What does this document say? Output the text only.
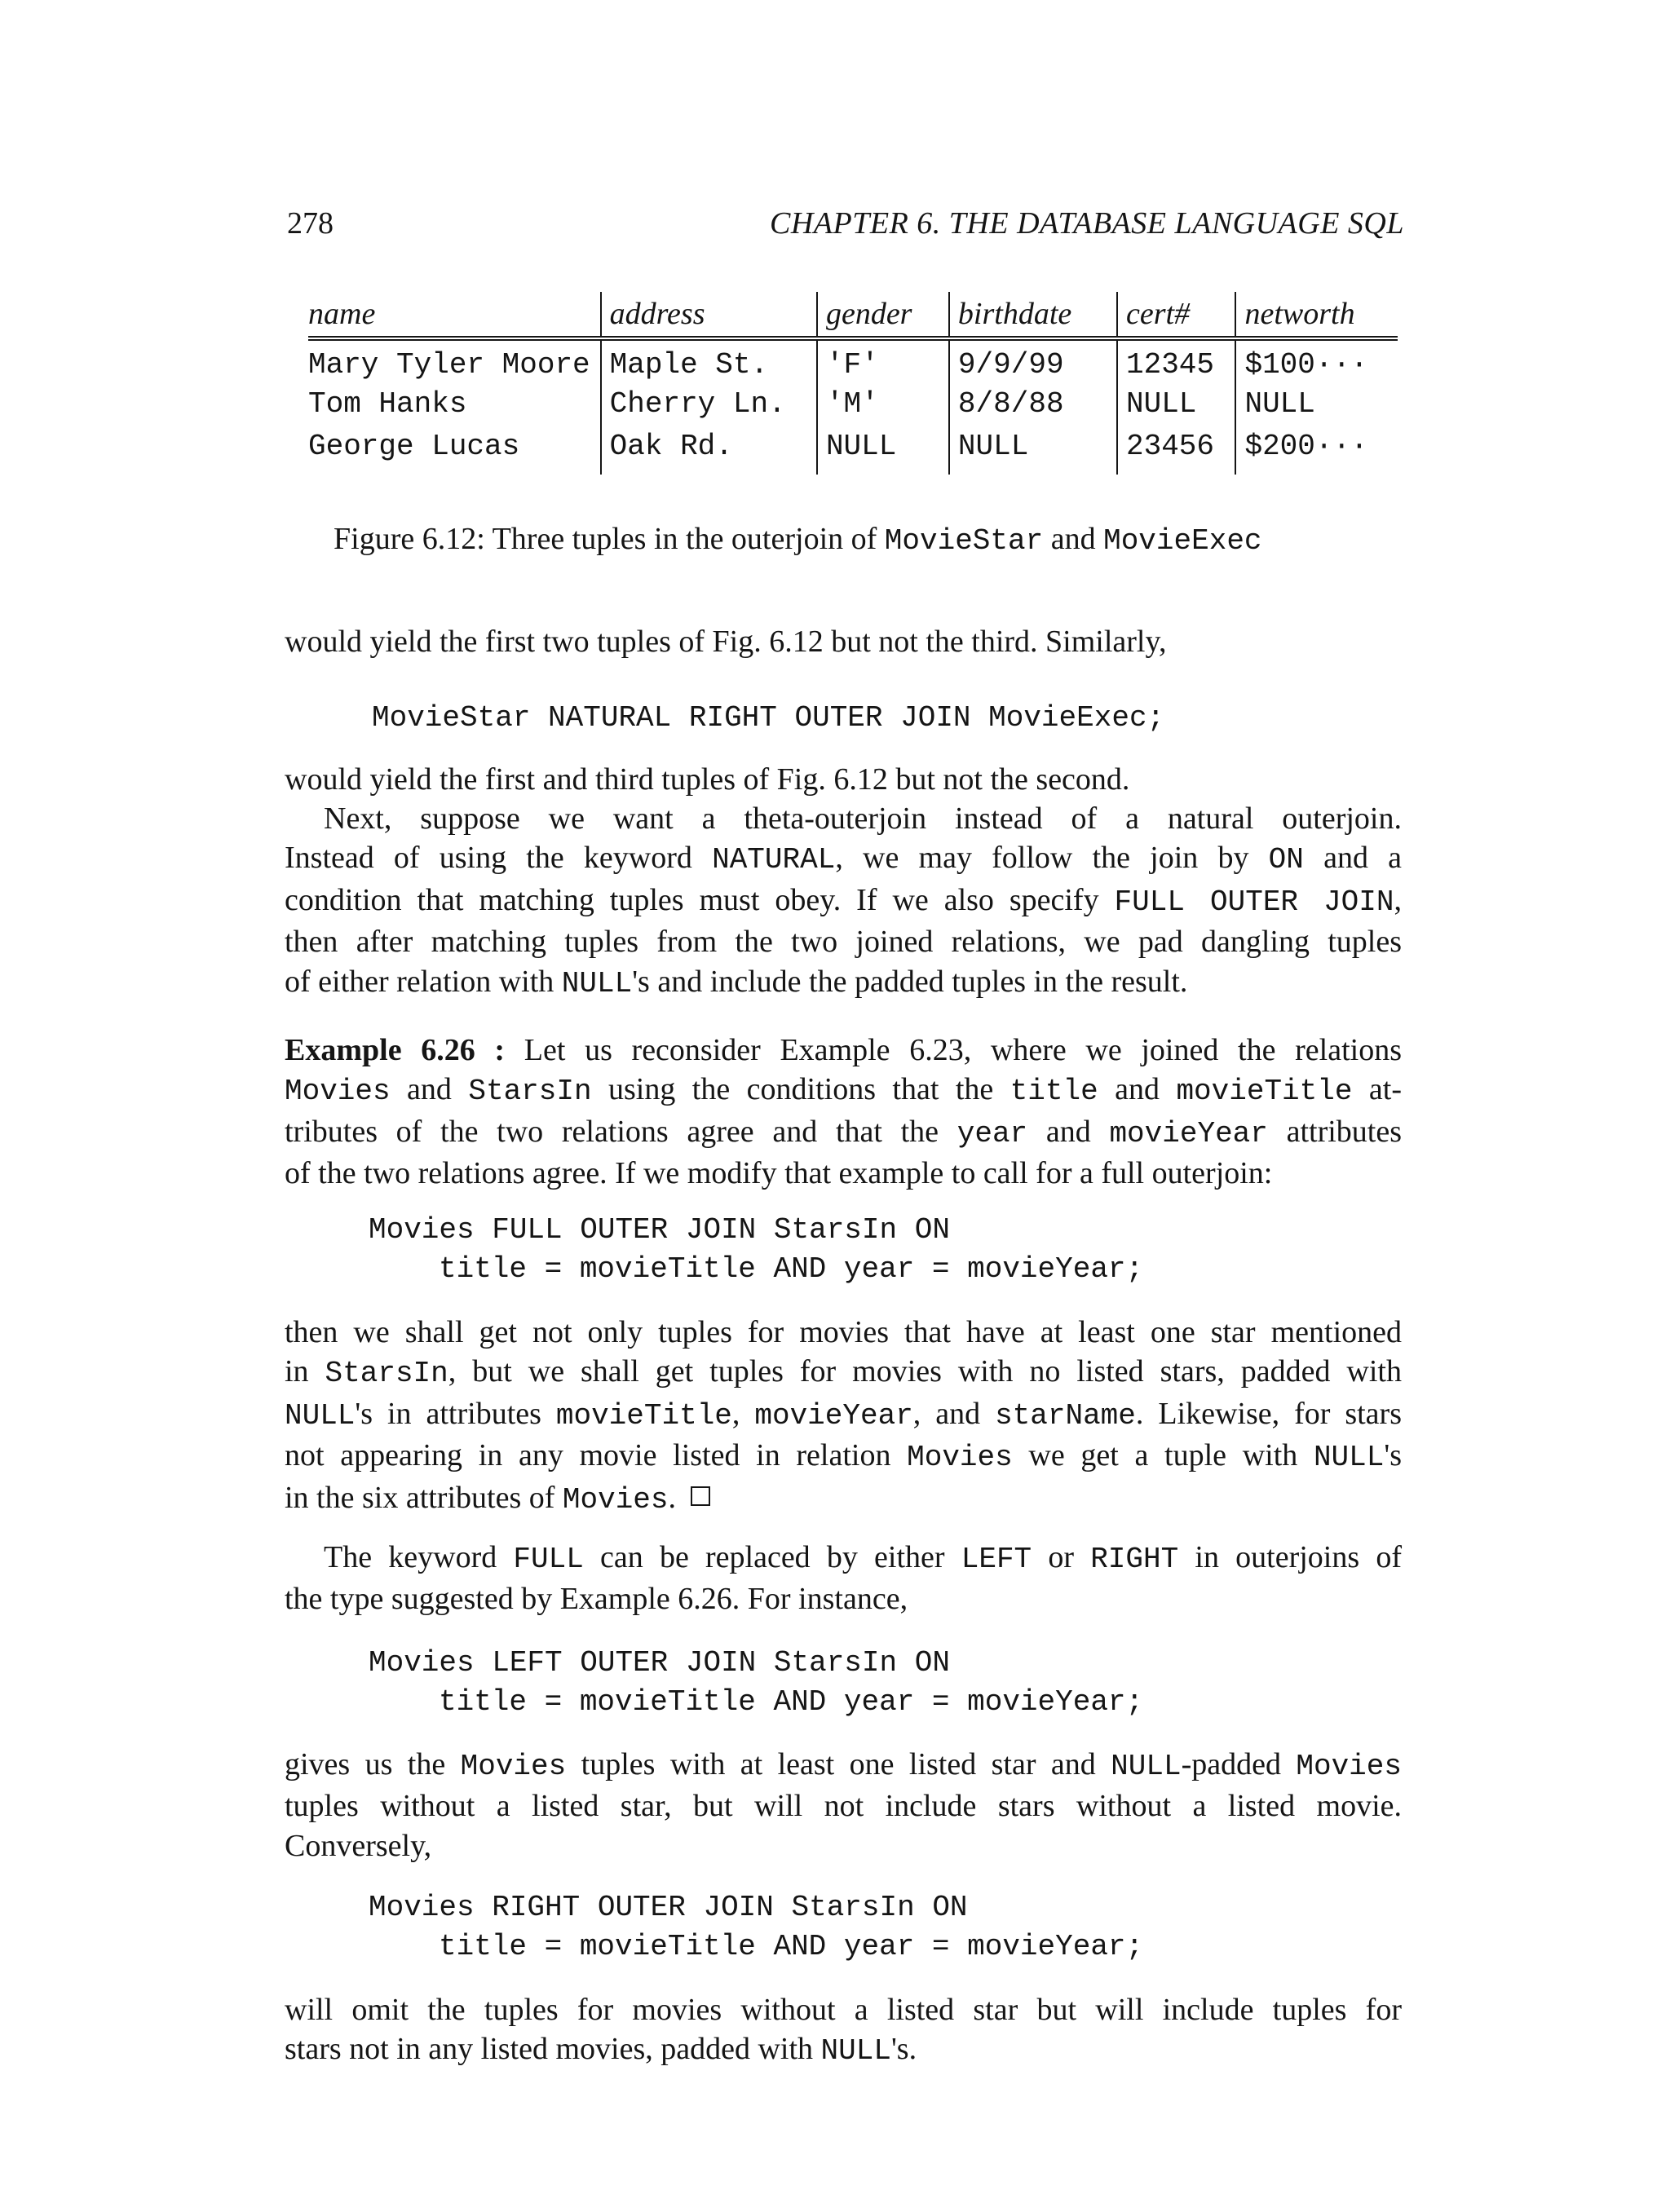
278	CHAPTER 6. THE DATABASE LANGUAGE SQL
name	address	gender	birthdate	cert#	networth
Mary Tyler Moore	Maple St.	'F'	9/9/99	12345	$100···
Tom Hanks	Cherry Ln.	'M'	8/8/88	NULL	NULL
George Lucas	Oak Rd.	NULL	NULL	23456	$200···
Figure 6.12: Three tuples in the outerjoin of MovieStar and MovieExec
would yield the first two tuples of Fig. 6.12 but not the third. Similarly,
MovieStar NATURAL RIGHT OUTER JOIN MovieExec;
would yield the first and third tuples of Fig. 6.12 but not the second.
Next, suppose we want a theta-outerjoin instead of a natural outerjoin.
Instead of using the keyword NATURAL, we may follow the join by ON and a
condition that matching tuples must obey. If we also specify FULL OUTER JOIN,
then after matching tuples from the two joined relations, we pad dangling tuples
of either relation with NULL's and include the padded tuples in the result.
Example 6.26 : Let us reconsider Example 6.23, where we joined the relations
Movies and StarsIn using the conditions that the title and movieTitle at-
tributes of the two relations agree and that the year and movieYear attributes
of the two relations agree. If we modify that example to call for a full outerjoin:
Movies FULL OUTER JOIN StarsIn ON
title = movieTitle AND year = movieYear;
then we shall get not only tuples for movies that have at least one star mentioned
in StarsIn, but we shall get tuples for movies with no listed stars, padded with
NULL's in attributes movieTitle, movieYear, and starName. Likewise, for stars
not appearing in any movie listed in relation Movies we get a tuple with NULL's
in the six attributes of Movies.
The keyword FULL can be replaced by either LEFT or RIGHT in outerjoins of
the type suggested by Example 6.26. For instance,
Movies LEFT OUTER JOIN StarsIn ON
title = movieTitle AND year = movieYear;
gives us the Movies tuples with at least one listed star and NULL-padded Movies
tuples without a listed star, but will not include stars without a listed movie.
Conversely,
Movies RIGHT OUTER JOIN StarsIn ON
title = movieTitle AND year = movieYear;
will omit the tuples for movies without a listed star but will include tuples for
stars not in any listed movies, padded with NULL's.
